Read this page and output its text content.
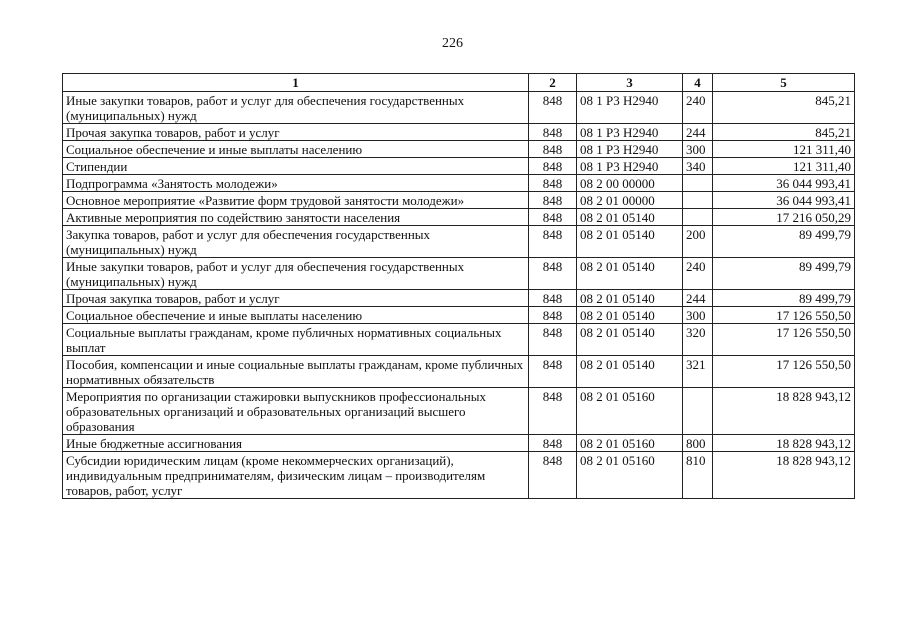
226
1	2	3	4	5
Иные закупки товаров, работ и услуг для обеспечения государственных (муниципальных) нужд	848	08 1 P3 H2940	240	845,21
Прочая закупка товаров, работ и услуг	848	08 1 P3 H2940	244	845,21
Социальное обеспечение и иные выплаты населению	848	08 1 P3 H2940	300	121 311,40
Стипендии	848	08 1 P3 H2940	340	121 311,40
Подпрограмма «Занятость молодежи»	848	08 2 00 00000		36 044 993,41
Основное мероприятие «Развитие форм трудовой занятости молодежи»	848	08 2 01 00000		36 044 993,41
Активные мероприятия по содействию занятости населения	848	08 2 01 05140		17 216 050,29
Закупка товаров, работ и услуг для обеспечения государственных (муниципальных) нужд	848	08 2 01 05140	200	89 499,79
Иные закупки товаров, работ и услуг для обеспечения государственных (муниципальных) нужд	848	08 2 01 05140	240	89 499,79
Прочая закупка товаров, работ и услуг	848	08 2 01 05140	244	89 499,79
Социальное обеспечение и иные выплаты населению	848	08 2 01 05140	300	17 126 550,50
Социальные выплаты гражданам, кроме публичных нормативных социальных выплат	848	08 2 01 05140	320	17 126 550,50
Пособия, компенсации и иные социальные выплаты гражданам, кроме публичных нормативных обязательств	848	08 2 01 05140	321	17 126 550,50
Мероприятия по организации стажировки выпускников профессиональных образовательных организаций и образовательных организаций высшего образования	848	08 2 01 05160		18 828 943,12
Иные бюджетные ассигнования	848	08 2 01 05160	800	18 828 943,12
Субсидии юридическим лицам (кроме некоммерческих организаций), индивидуальным предпринимателям, физическим лицам – производителям товаров, работ, услуг	848	08 2 01 05160	810	18 828 943,12
